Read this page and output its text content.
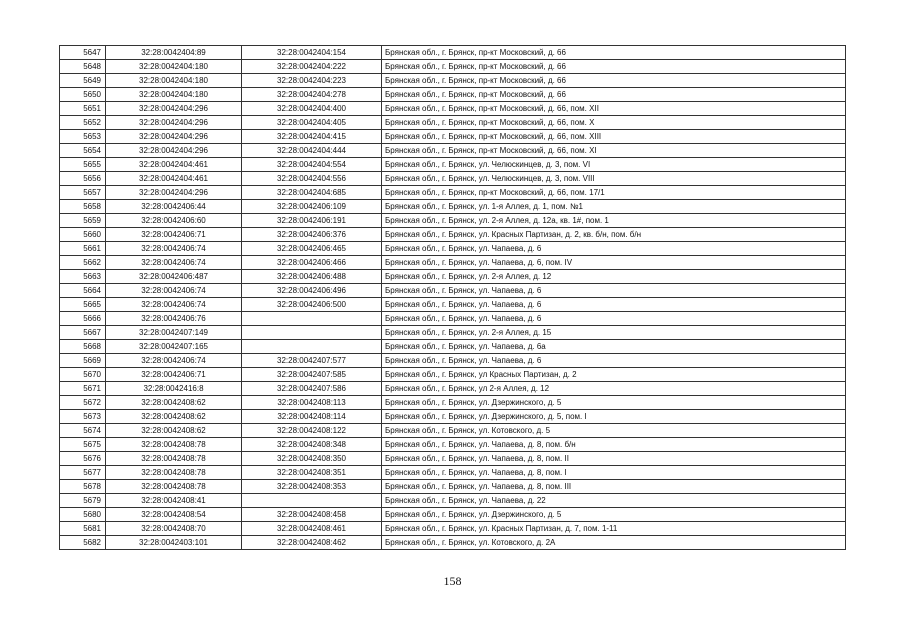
5647	32:28:0042404:89	32:28:0042404:154	Брянская обл., г. Брянск, пр-кт Московский, д. 66
5648	32:28:0042404:180	32:28:0042404:222	Брянская обл., г. Брянск, пр-кт Московский, д. 66
5649	32:28:0042404:180	32:28:0042404:223	Брянская обл., г. Брянск, пр-кт Московский, д. 66
5650	32:28:0042404:180	32:28:0042404:278	Брянская обл., г. Брянск, пр-кт Московский, д. 66
5651	32:28:0042404:296	32:28:0042404:400	Брянская обл., г. Брянск, пр-кт Московский, д. 66, пом. XII
5652	32:28:0042404:296	32:28:0042404:405	Брянская обл., г. Брянск, пр-кт Московский, д. 66, пом. X
5653	32:28:0042404:296	32:28:0042404:415	Брянская обл., г. Брянск, пр-кт Московский, д. 66, пом. XIII
5654	32:28:0042404:296	32:28:0042404:444	Брянская обл., г. Брянск, пр-кт Московский, д. 66, пом. XI
5655	32:28:0042404:461	32:28:0042404:554	Брянская обл., г. Брянск, ул. Челюскинцев, д. 3, пом. VI
5656	32:28:0042404:461	32:28:0042404:556	Брянская обл., г. Брянск, ул. Челюскинцев, д. 3, пом. VIII
5657	32:28:0042404:296	32:28:0042404:685	Брянская обл., г. Брянск, пр-кт Московский, д. 66, пом. 17/1
5658	32:28:0042406:44	32:28:0042406:109	Брянская обл., г. Брянск, ул. 1-я Аллея, д. 1, пом. №1
5659	32:28:0042406:60	32:28:0042406:191	Брянская обл., г. Брянск, ул. 2-я Аллея, д. 12а, кв. 1#, пом. 1
5660	32:28:0042406:71	32:28:0042406:376	Брянская обл., г. Брянск, ул. Красных Партизан, д. 2, кв. б/н, пом. б/н
5661	32:28:0042406:74	32:28:0042406:465	Брянская обл., г. Брянск, ул. Чапаева, д. 6
5662	32:28:0042406:74	32:28:0042406:466	Брянская обл., г. Брянск, ул. Чапаева, д. 6, пом. IV
5663	32:28:0042406:487	32:28:0042406:488	Брянская обл., г. Брянск, ул. 2-я Аллея, д. 12
5664	32:28:0042406:74	32:28:0042406:496	Брянская обл., г. Брянск, ул. Чапаева, д. 6
5665	32:28:0042406:74	32:28:0042406:500	Брянская обл., г. Брянск, ул. Чапаева, д. 6
5666	32:28:0042406:76		Брянская обл., г. Брянск, ул. Чапаева, д. 6
5667	32:28:0042407:149		Брянская обл., г. Брянск, ул. 2-я Аллея, д. 15
5668	32:28:0042407:165		Брянская обл., г. Брянск, ул. Чапаева, д. 6а
5669	32:28:0042406:74	32:28:0042407:577	Брянская обл., г. Брянск, ул. Чапаева, д. 6
5670	32:28:0042406:71	32:28:0042407:585	Брянская обл., г. Брянск, ул Красных Партизан, д. 2
5671	32:28:0042416:8	32:28:0042407:586	Брянская обл., г. Брянск, ул 2-я Аллея, д. 12
5672	32:28:0042408:62	32:28:0042408:113	Брянская обл., г. Брянск, ул. Дзержинского, д. 5
5673	32:28:0042408:62	32:28:0042408:114	Брянская обл., г. Брянск, ул. Дзержинского, д. 5, пом. I
5674	32:28:0042408:62	32:28:0042408:122	Брянская обл., г. Брянск, ул. Котовского, д. 5
5675	32:28:0042408:78	32:28:0042408:348	Брянская обл., г. Брянск, ул. Чапаева, д. 8, пом. б/н
5676	32:28:0042408:78	32:28:0042408:350	Брянская обл., г. Брянск, ул. Чапаева, д. 8, пом. II
5677	32:28:0042408:78	32:28:0042408:351	Брянская обл., г. Брянск, ул. Чапаева, д. 8, пом. I
5678	32:28:0042408:78	32:28:0042408:353	Брянская обл., г. Брянск, ул. Чапаева, д. 8, пом. III
5679	32:28:0042408:41		Брянская обл., г. Брянск, ул. Чапаева, д. 22
5680	32:28:0042408:54	32:28:0042408:458	Брянская обл., г. Брянск, ул. Дзержинского, д. 5
5681	32:28:0042408:70	32:28:0042408:461	Брянская обл., г. Брянск, ул. Красных Партизан, д. 7, пом. 1-11
5682	32:28:0042403:101	32:28:0042408:462	Брянская обл., г. Брянск, ул. Котовского, д. 2А
158
